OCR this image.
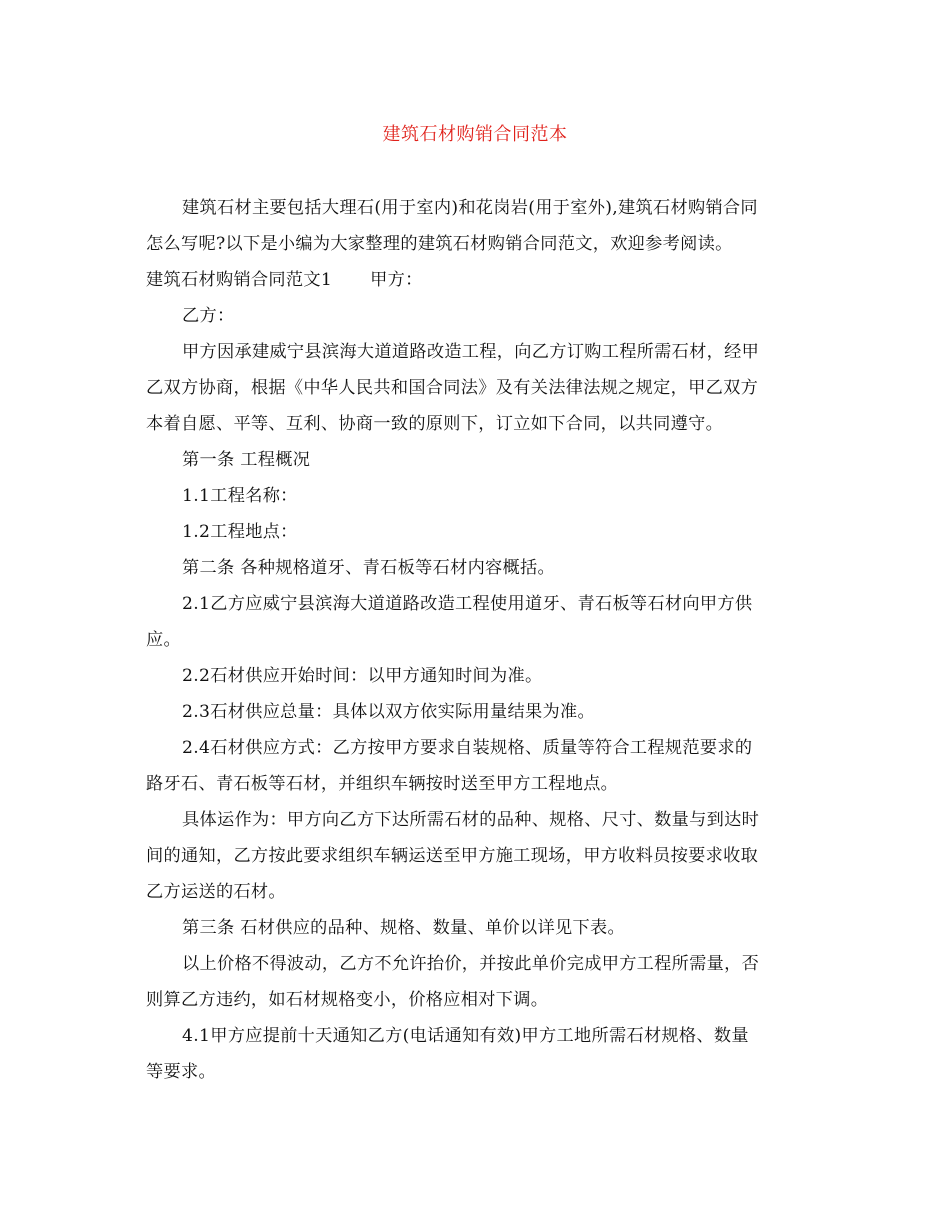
建筑石材购销合同范本
建筑石材主要包括大理石(用于室内)和花岗岩(用于室外),建筑石材购销合同
怎么写呢?以下是小编为大家整理的建筑石材购销合同范文，欢迎参考阅读。
建筑石材购销合同范文1 甲方：
乙方：
甲方因承建威宁县滨海大道道路改造工程，向乙方订购工程所需石材，经甲
乙双方协商，根据《中华人民共和国合同法》及有关法律法规之规定，甲乙双方
本着自愿、平等、互利、协商一致的原则下，订立如下合同，以共同遵守。
第一条 工程概况
1.1工程名称：
1.2工程地点：
第二条 各种规格道牙、青石板等石材内容概括。
2.1乙方应威宁县滨海大道道路改造工程使用道牙、青石板等石材向甲方供
应。
2.2石材供应开始时间：以甲方通知时间为准。
2.3石材供应总量：具体以双方依实际用量结果为准。
2.4石材供应方式：乙方按甲方要求自装规格、质量等符合工程规范要求的
路牙石、青石板等石材，并组织车辆按时送至甲方工程地点。
具体运作为：甲方向乙方下达所需石材的品种、规格、尺寸、数量与到达时
间的通知，乙方按此要求组织车辆运送至甲方施工现场，甲方收料员按要求收取
乙方运送的石材。
第三条 石材供应的品种、规格、数量、单价以详见下表。
以上价格不得波动，乙方不允许抬价，并按此单价完成甲方工程所需量，否
则算乙方违约，如石材规格变小，价格应相对下调。
4.1甲方应提前十天通知乙方(电话通知有效)甲方工地所需石材规格、数量
等要求。
